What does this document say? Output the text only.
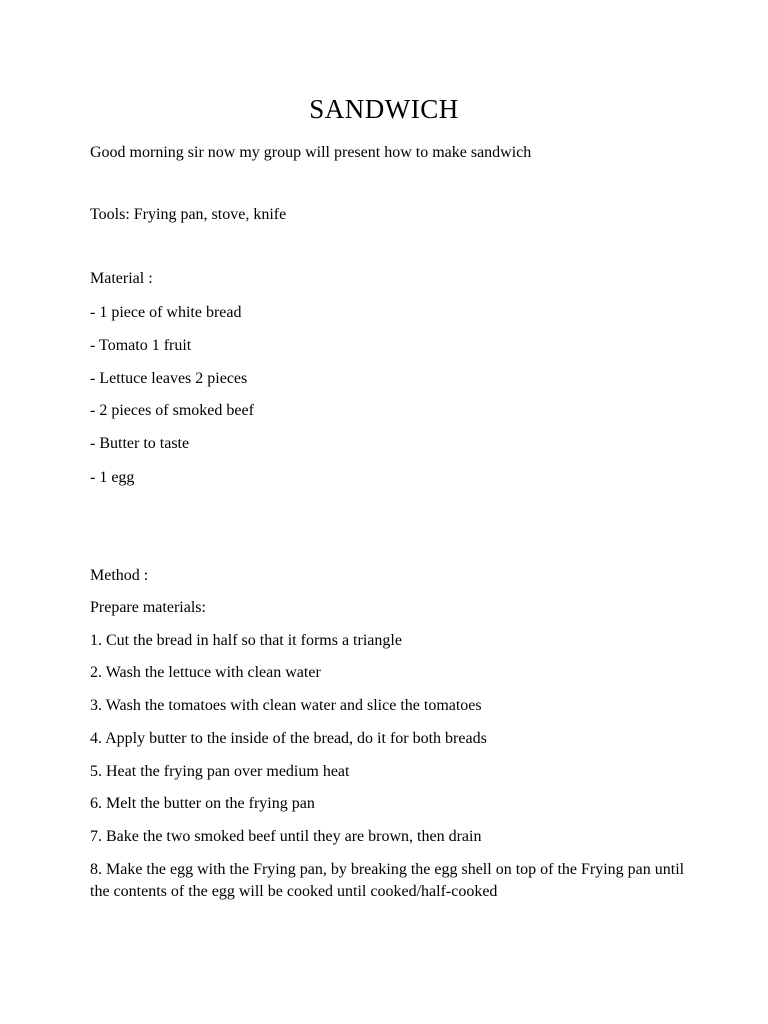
SANDWICH

Good morning sir now my group will present how to make sandwich

Tools: Frying pan, stove, knife

Material :

- 1 piece of white bread

- Tomato 1 fruit

- Lettuce leaves 2 pieces

- 2 pieces of smoked beef

- Butter to taste

- 1 egg

Method :

Prepare materials:

1. Cut the bread in half so that it forms a triangle

2. Wash the lettuce with clean water

3. Wash the tomatoes with clean water and slice the tomatoes

4. Apply butter to the inside of the bread, do it for both breads

5. Heat the frying pan over medium heat

6. Melt the butter on the frying pan

7. Bake the two smoked beef until they are brown, then drain

8. Make the egg with the Frying pan, by breaking the egg shell on top of the Frying pan until the contents of the egg will be cooked until cooked/half-cooked
